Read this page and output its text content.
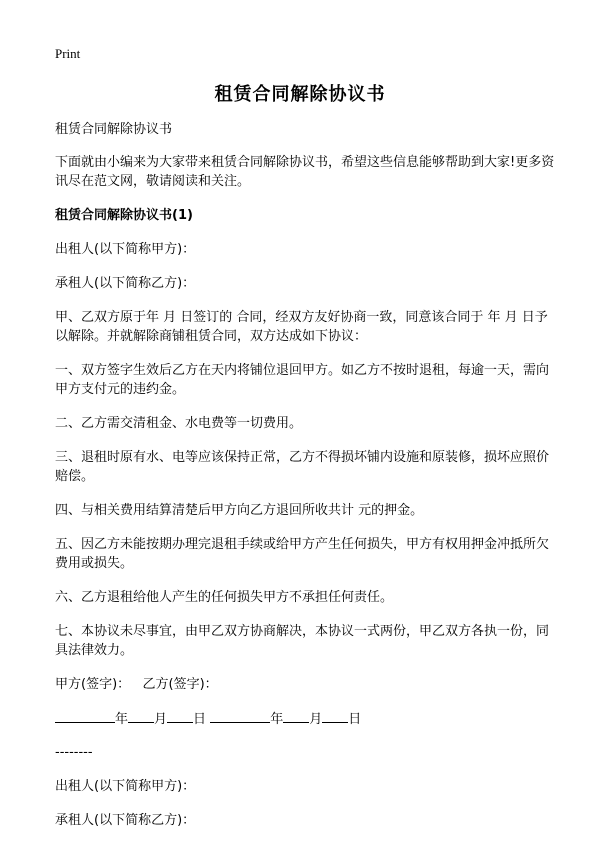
Print
租赁合同解除协议书

租赁合同解除协议书

下面就由小编来为大家带来租赁合同解除协议书，希望这些信息能够帮助到大家!更多资讯尽在范文网，敬请阅读和关注。

租赁合同解除协议书(1)

出租人(以下简称甲方)：

承租人(以下简称乙方)：

甲、乙双方原于年 月 日签订的 合同，经双方友好协商一致，同意该合同于 年 月 日予以解除。并就解除商铺租赁合同，双方达成如下协议：

一、双方签字生效后乙方在天内将铺位退回甲方。如乙方不按时退租，每逾一天，需向甲方支付元的违约金。

二、乙方需交清租金、水电费等一切费用。

三、退租时原有水、电等应该保持正常，乙方不得损坏铺内设施和原装修，损坏应照价赔偿。

四、与相关费用结算清楚后甲方向乙方退回所收共计 元的押金。

五、因乙方未能按期办理完退租手续或给甲方产生任何损失，甲方有权用押金冲抵所欠费用或损失。

六、乙方退租给他人产生的任何损失甲方不承担任何责任。

七、本协议未尽事宜，由甲乙双方协商解决，本协议一式两份，甲乙双方各执一份，同具法律效力。

甲方(签字)：   乙方(签字)：

年 月 日	年 月 日

--------

出租人(以下简称甲方)：

承租人(以下简称乙方)：
